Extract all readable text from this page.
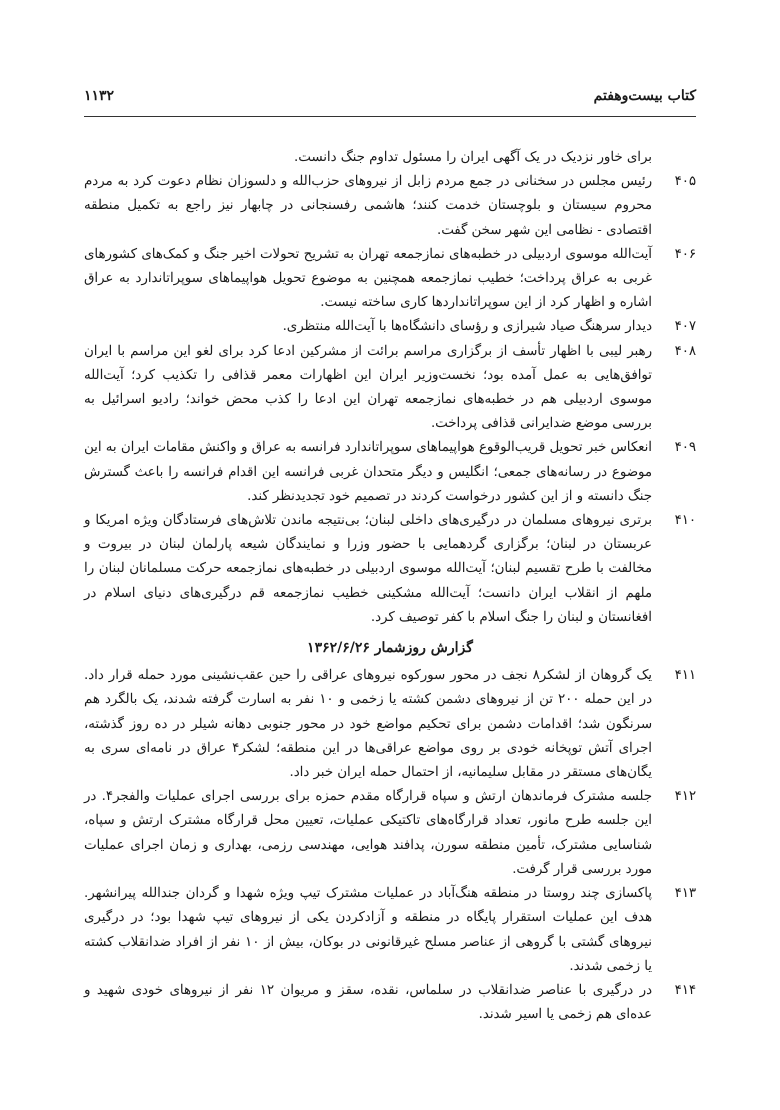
۱۱۳۲	کتاب بیست‌وهفتم
برای خاور نزدیک در یک آگهی ایران را مسئول تداوم جنگ دانست.
۴۰۵
رئیس مجلس در سخنانی در جمع مردم زابل از نیروهای حزب‌الله و دلسوزان نظام دعوت کرد به مردم محروم سیستان و بلوچستان خدمت کنند؛ هاشمی رفسنجانی در چابهار نیز راجع به تکمیل منطقه اقتصادی - نظامی این شهر سخن گفت.
۴۰۶
آیت‌الله موسوی اردبیلی در خطبه‌های نمازجمعه تهران به تشریح تحولات اخیر جنگ و کمک‌های کشورهای غربی به عراق پرداخت؛ خطیب نمازجمعه همچنین به موضوع تحویل هواپیماهای سوپراتاندارد به عراق اشاره و اظهار کرد از این سوپراتاندارد‌ها کاری ساخته نیست.
۴۰۷
دیدار سرهنگ صیاد شیرازی و رؤسای دانشگاه‌ها با آیت‌الله منتظری.
۴۰۸
رهبر لیبی با اظهار تأسف از برگزاری مراسم برائت از مشرکین ادعا کرد برای لغو این مراسم با ایران توافق‌هایی به عمل آمده بود؛ نخست‌وزیر ایران این اظهارات معمر قذافی را تکذیب کرد؛ آیت‌الله موسوی اردبیلی هم در خطبه‌های نمازجمعه تهران این ادعا را کذب محض خواند؛ رادیو اسرائیل به بررسی موضع ضدایرانی قذافی پرداخت.
۴۰۹
انعکاس خبر تحویل قریب‌الوقوع هواپیماهای سوپراتاندارد فرانسه به عراق و واکنش مقامات ایران به این موضوع در رسانه‌های جمعی؛ انگلیس و دیگر متحدان غربی فرانسه این اقدام فرانسه را باعث گسترش جنگ دانسته و از این کشور درخواست کردند در تصمیم خود تجدیدنظر کند.
۴۱۰
برتری نیروهای مسلمان در درگیری‌های داخلی لبنان؛ بی‌نتیجه ماندن تلاش‌های فرستادگان ویژه امریکا و عربستان در لبنان؛ برگزاری گردهمایی با حضور وزرا و نمایندگان شیعه پارلمان لبنان در بیروت و مخالفت با طرح تقسیم لبنان؛ آیت‌الله موسوی اردبیلی در خطبه‌های نمازجمعه حرکت مسلمانان لبنان را ملهم از انقلاب ایران دانست؛ آیت‌الله مشکینی خطیب نمازجمعه قم درگیری‌های دنیای اسلام در افغانستان و لبنان را جنگ اسلام با کفر توصیف کرد.
گزارش روزشمار ۱۳۶۲/۶/۲۶
۴۱۱
یک گروهان از لشکر۸ نجف در محور سورکوه نیروهای عراقی را حین عقب‌نشینی مورد حمله قرار داد. در این حمله ۲۰۰ تن از نیروهای دشمن کشته یا زخمی و ۱۰ نفر به اسارت گرفته شدند، یک بالگرد هم سرنگون شد؛ اقدامات دشمن برای تحکیم مواضع خود در محور جنوبی دهانه شیلر در ده روز گذشته، اجرای آتش توپخانه خودی بر روی مواضع عراقی‌ها در این منطقه؛ لشکر۴ عراق در نامه‌ای سری به یگان‌های مستقر در مقابل سلیمانیه، از احتمال حمله ایران خبر داد.
۴۱۲
جلسه مشترک فرماندهان ارتش و سپاه قرارگاه مقدم حمزه برای بررسی اجرای عملیات والفجر۴. در این جلسه طرح مانور، تعداد قرارگاه‌های تاکتیکی عملیات، تعیین محل قرارگاه مشترک ارتش و سپاه، شناسایی مشترک، تأمین منطقه سورن، پدافند هوایی، مهندسی رزمی، بهداری و زمان اجرای عملیات مورد بررسی قرار گرفت.
۴۱۳
پاکسازی چند روستا در منطقه هنگ‌آباد در عملیات مشترک تیپ ویژه شهدا و گردان جندالله پیرانشهر. هدف این عملیات استقرار پایگاه در منطقه و آزادکردن یکی از نیروهای تیپ شهدا بود؛ در درگیری نیروهای گشتی با گروهی از عناصر مسلح غیرقانونی در بوکان، بیش از ۱۰ نفر از افراد ضدانقلاب کشته یا زخمی شدند.
۴۱۴
در درگیری با عناصر ضدانقلاب در سلماس، نقده، سقز و مریوان ۱۲ نفر از نیروهای خودی شهید و عده‌ای هم زخمی یا اسیر شدند.
